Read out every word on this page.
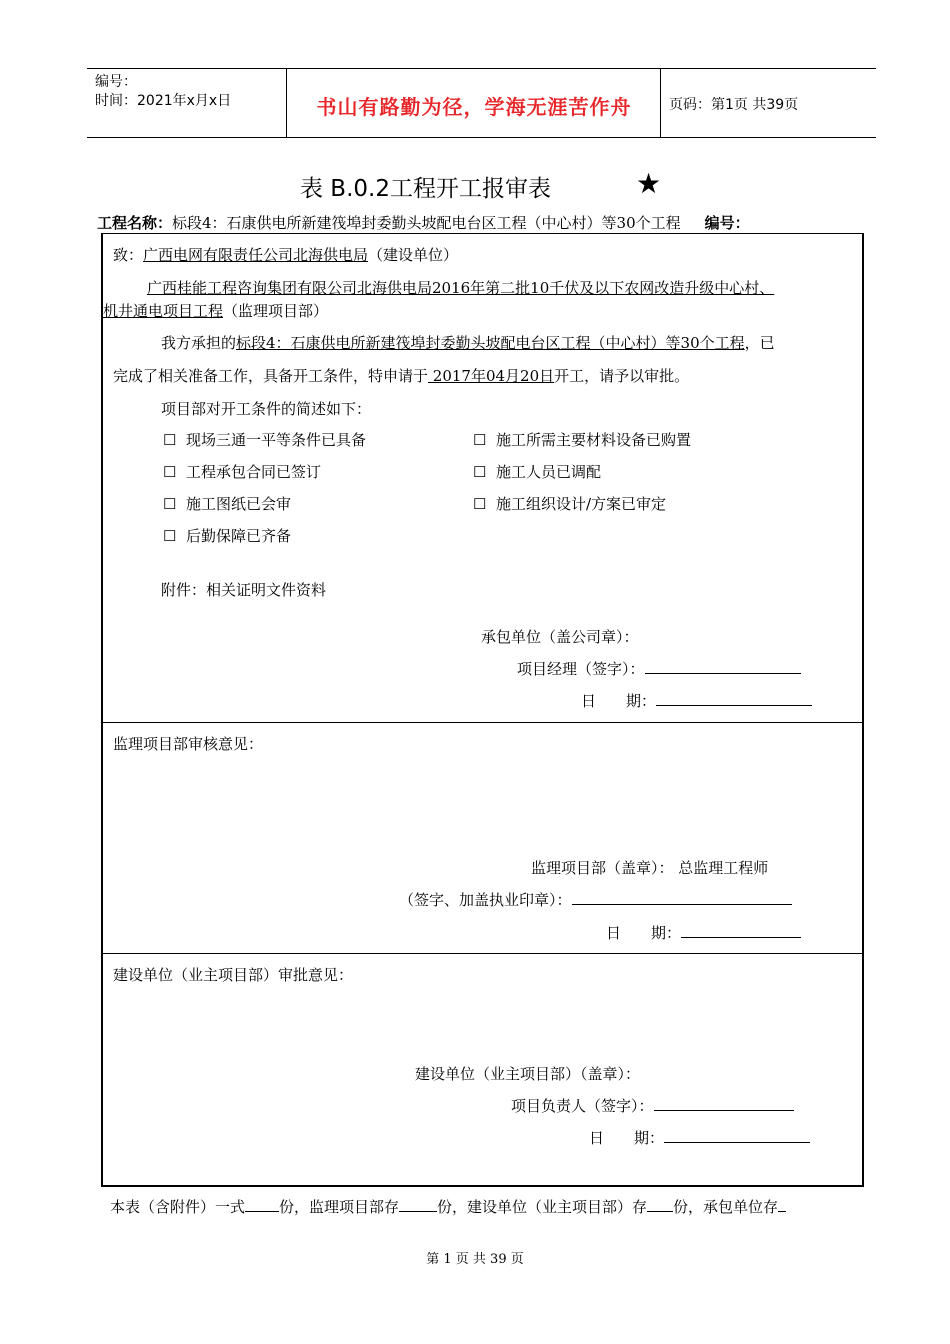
编号：
时间：2021年x月x日	书山有路勤为径，学海无涯苦作舟	页码：第1页 共39页
表 B.0.2工程开工报审表	★
工程名称：标段4：石康供电所新建筏埠封委勤头坡配电台区工程（中心村）等30个工程 编号：
致：广西电网有限责任公司北海供电局（建设单位）
广西桂能工程咨询集团有限公司北海供电局2016年第二批10千伏及以下农网改造升级中心村、
机井通电项目工程（监理项目部）
我方承担的标段4：石康供电所新建筏埠封委勤头坡配电台区工程（中心村）等30个工程，已
完成了相关准备工作，具备开工条件，特申请于 2017年04月20日开工，请予以审批。
项目部对开工条件的简述如下：
☐ 现场三通一平等条件已具备	☐ 施工所需主要材料设备已购置
☐ 工程承包合同已签订	☐ 施工人员已调配
☐ 施工图纸已会审	☐ 施工组织设计/方案已审定
☐ 后勤保障已齐备
附件：相关证明文件资料
承包单位（盖公司章）：
项目经理（签字）：
日　　期：
监理项目部审核意见：
监理项目部（盖章）： 总监理工程师
（签字、加盖执业印章）：
日　　期：
建设单位（业主项目部）审批意见：
建设单位（业主项目部）（盖章）：
项目负责人（签字）：
日　　期：
本表（含附件）一式 份，监理项目部存	份，建设单位（业主项目部）存 份，承包单位存
第 1 页 共 39 页
